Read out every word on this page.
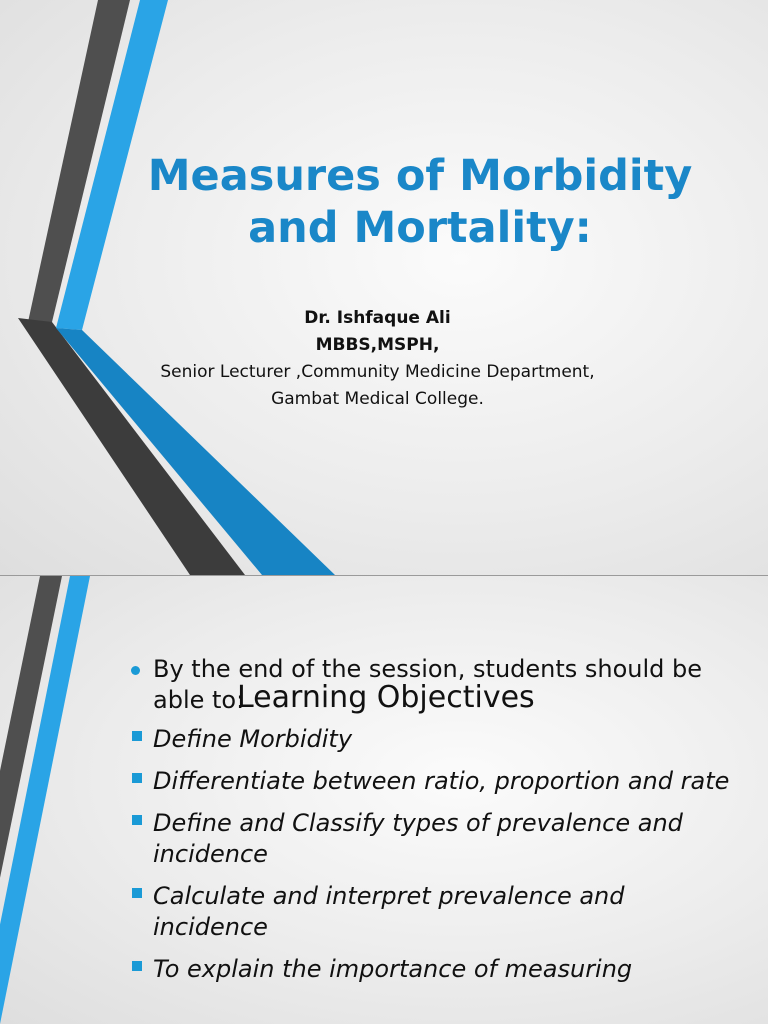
Measures of Morbidity
and Mortality:
Dr. Ishfaque Ali
MBBS,MSPH,
Senior Lecturer ,Community Medicine Department,
Gambat Medical College.
By the end of the session, students should be able to:
Define Morbidity
Differentiate between ratio, proportion and rate
Define and Classify types of prevalence and incidence
Calculate and interpret prevalence and incidence
To explain the importance of measuring
Learning Objectives
